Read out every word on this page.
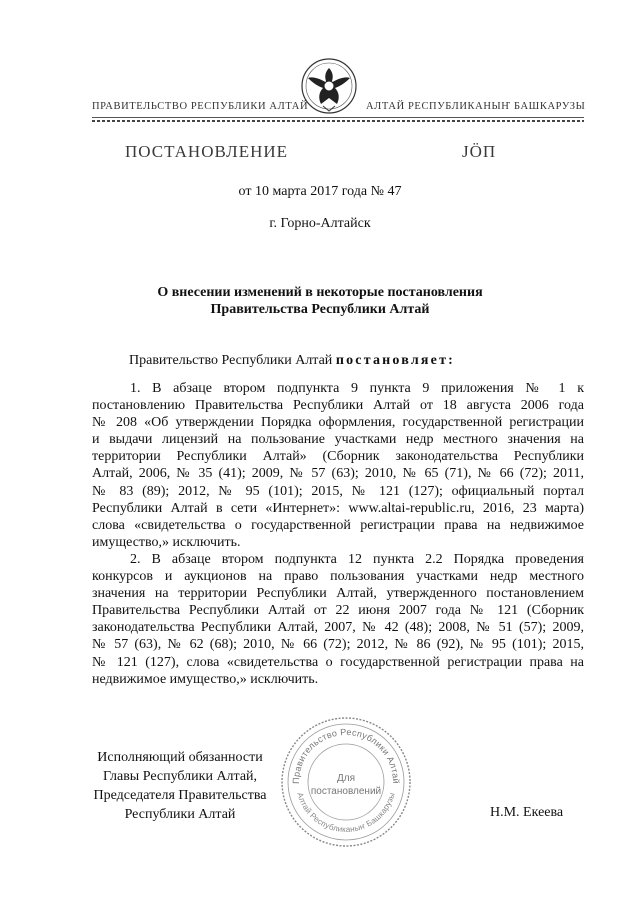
ПРАВИТЕЛЬСТВО РЕСПУБЛИКИ АЛТАЙ	АЛТАЙ РЕСПУБЛИКАНЫҤ БАШКАРУЗЫ
ПОСТАНОВЛЕНИЕ	ЈӦП
от 10 марта 2017 года № 47
г. Горно-Алтайск
О внесении изменений в некоторые постановления
Правительства Республики Алтай
Правительство Республики Алтай постановляет:
1. В абзаце втором подпункта 9 пункта 9 приложения № 1 к
постановлению Правительства Республики Алтай от 18 августа 2006 года
№ 208 «Об утверждении Порядка оформления, государственной регистрации
и выдачи лицензий на пользование участками недр местного значения на
территории Республики Алтай» (Сборник законодательства Республики
Алтай, 2006, № 35 (41); 2009, № 57 (63); 2010, № 65 (71), № 66 (72); 2011,
№ 83 (89); 2012, № 95 (101); 2015, № 121 (127); официальный портал
Республики Алтай в сети «Интернет»: www.altai-republic.ru, 2016, 23 марта)
слова «свидетельства о государственной регистрации права на недвижимое
имущество,» исключить.
2. В абзаце втором подпункта 12 пункта 2.2 Порядка проведения
конкурсов и аукционов на право пользования участками недр местного
значения на территории Республики Алтай, утвержденного постановлением
Правительства Республики Алтай от 22 июня 2007 года № 121 (Сборник
законодательства Республики Алтай, 2007, № 42 (48); 2008, № 51 (57); 2009,
№ 57 (63), № 62 (68); 2010, № 66 (72); 2012, № 86 (92), № 95 (101); 2015,
№ 121 (127), слова «свидетельства о государственной регистрации права на
недвижимое имущество,» исключить.
Правительство Республики Алтай
Алтай Республиканыҥ Башкарузы
Для
постановлений
Исполняющий обязанности
Главы Республики Алтай,
Председателя Правительства
Республики Алтай	Н.М. Екеева
